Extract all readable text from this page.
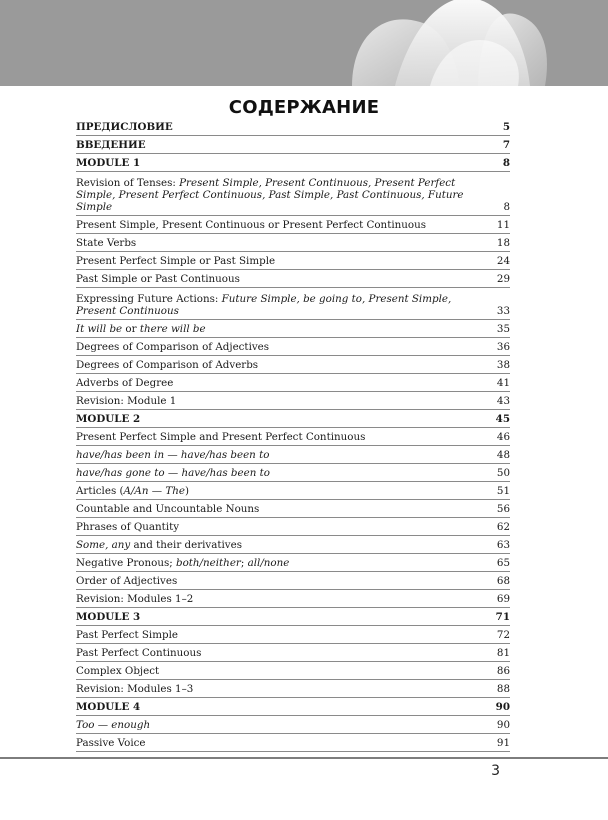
СОДЕРЖАНИЕ
ПРЕДИСЛОВИЕ	5
ВВЕДЕНИЕ	7
MODULE 1	8
Revision of Tenses: Present Simple, Present Continuous, Present Perfect Simple, Present Perfect Continuous, Past Simple, Past Continuous, Future Simple	8
Present Simple, Present Continuous or Present Perfect Continuous	11
State Verbs	18
Present Perfect Simple or Past Simple	24
Past Simple or Past Continuous	29
Expressing Future Actions: Future Simple, be going to, Present Simple, Present Continuous	33
It will be or there will be	35
Degrees of Comparison of Adjectives	36
Degrees of Comparison of Adverbs	38
Adverbs of Degree	41
Revision: Module 1	43
MODULE 2	45
Present Perfect Simple and Present Perfect Continuous	46
have/has been in — have/has been to	48
have/has gone to — have/has been to	50
Articles (A/An — The)	51
Countable and Uncountable Nouns	56
Phrases of Quantity	62
Some, any and their derivatives	63
Negative Pronous; both/neither; all/none	65
Order of Adjectives	68
Revision: Modules 1–2	69
MODULE 3	71
Past Perfect Simple	72
Past Perfect Continuous	81
Complex Object	86
Revision: Modules 1–3	88
MODULE 4	90
Too — enough	90
Passive Voice	91
3
